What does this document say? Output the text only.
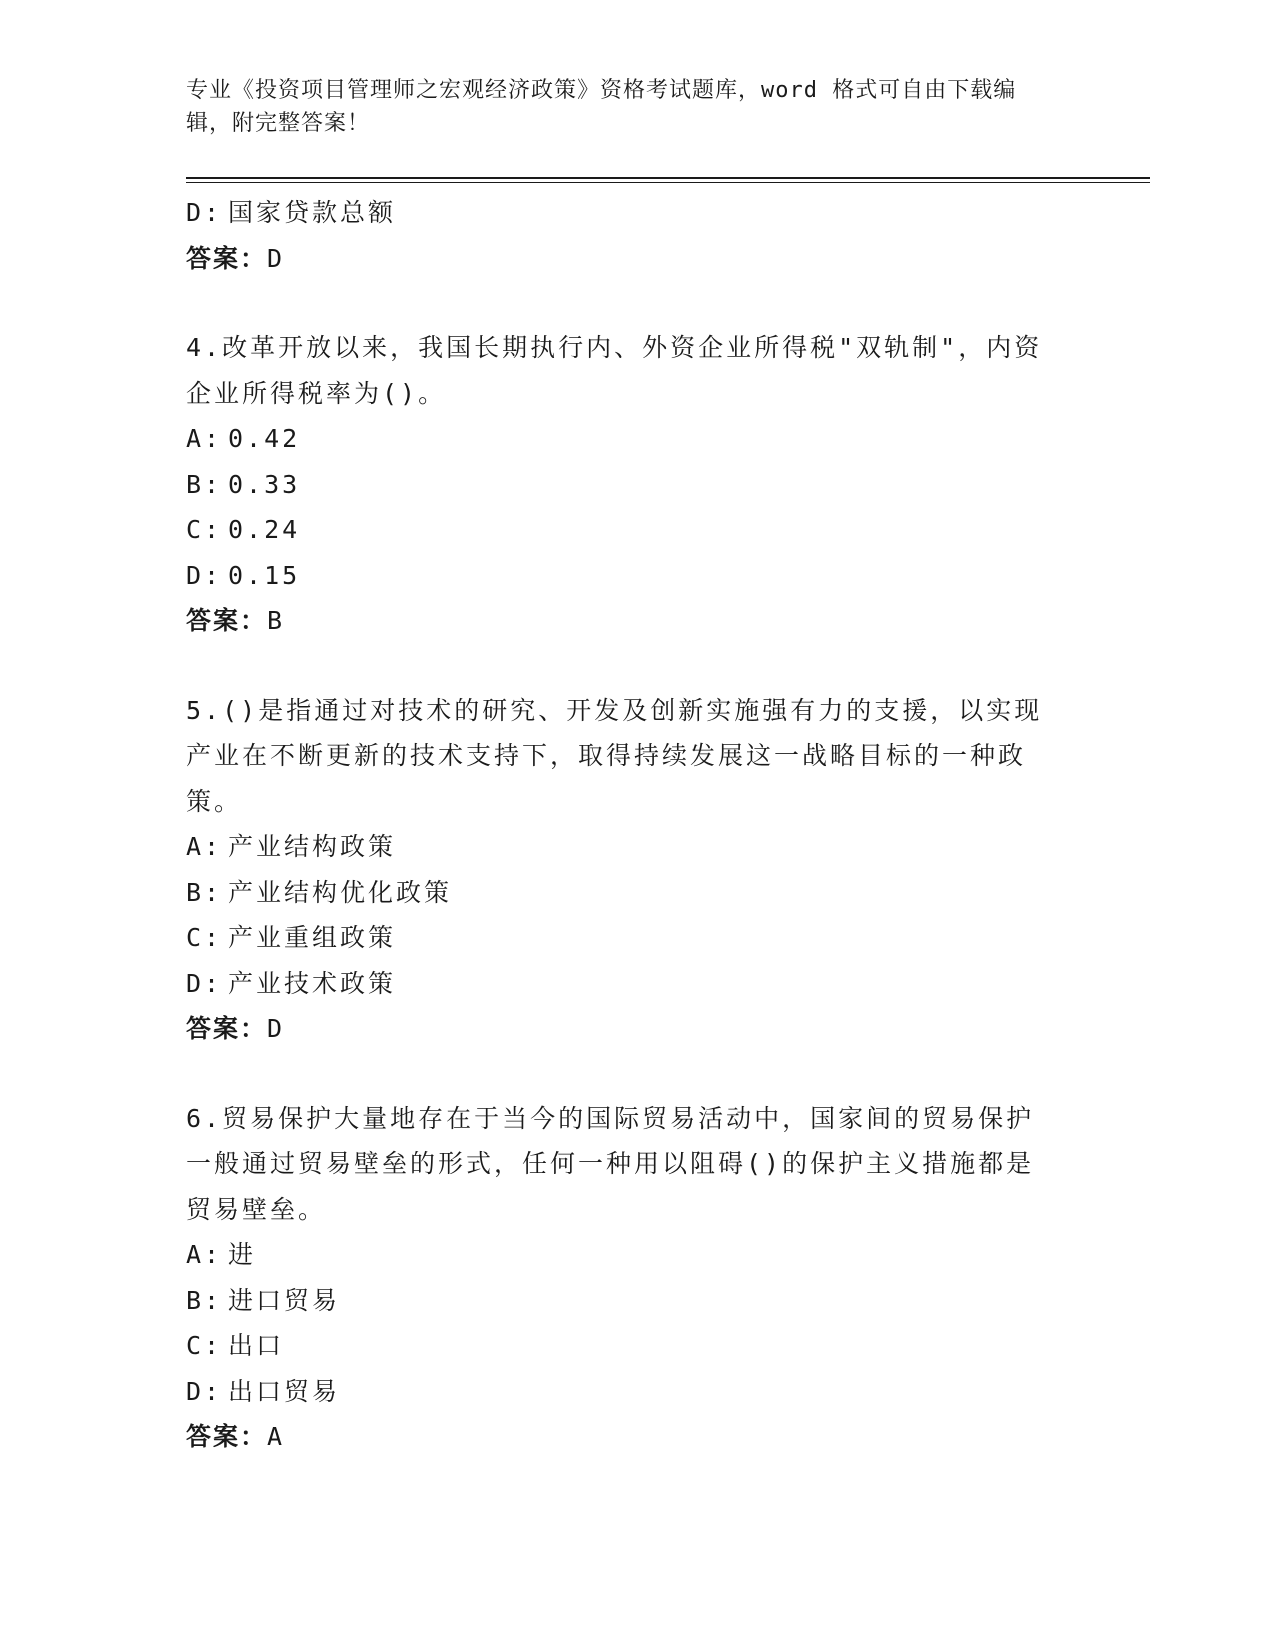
专业《投资项目管理师之宏观经济政策》资格考试题库，word 格式可自由下载编
辑，附完整答案！
D: 国家贷款总额
答案：D
4.改革开放以来，我国长期执行内、外资企业所得税"双轨制"，内资
企业所得税率为()。
A: 0.42
B: 0.33
C: 0.24
D: 0.15
答案：B
5.()是指通过对技术的研究、开发及创新实施强有力的支援，以实现
产业在不断更新的技术支持下，取得持续发展这一战略目标的一种政
策。
A: 产业结构政策
B: 产业结构优化政策
C: 产业重组政策
D: 产业技术政策
答案：D
6.贸易保护大量地存在于当今的国际贸易活动中，国家间的贸易保护
一般通过贸易壁垒的形式，任何一种用以阻碍()的保护主义措施都是
贸易壁垒。
A: 进
B: 进口贸易
C: 出口
D: 出口贸易
答案：A
